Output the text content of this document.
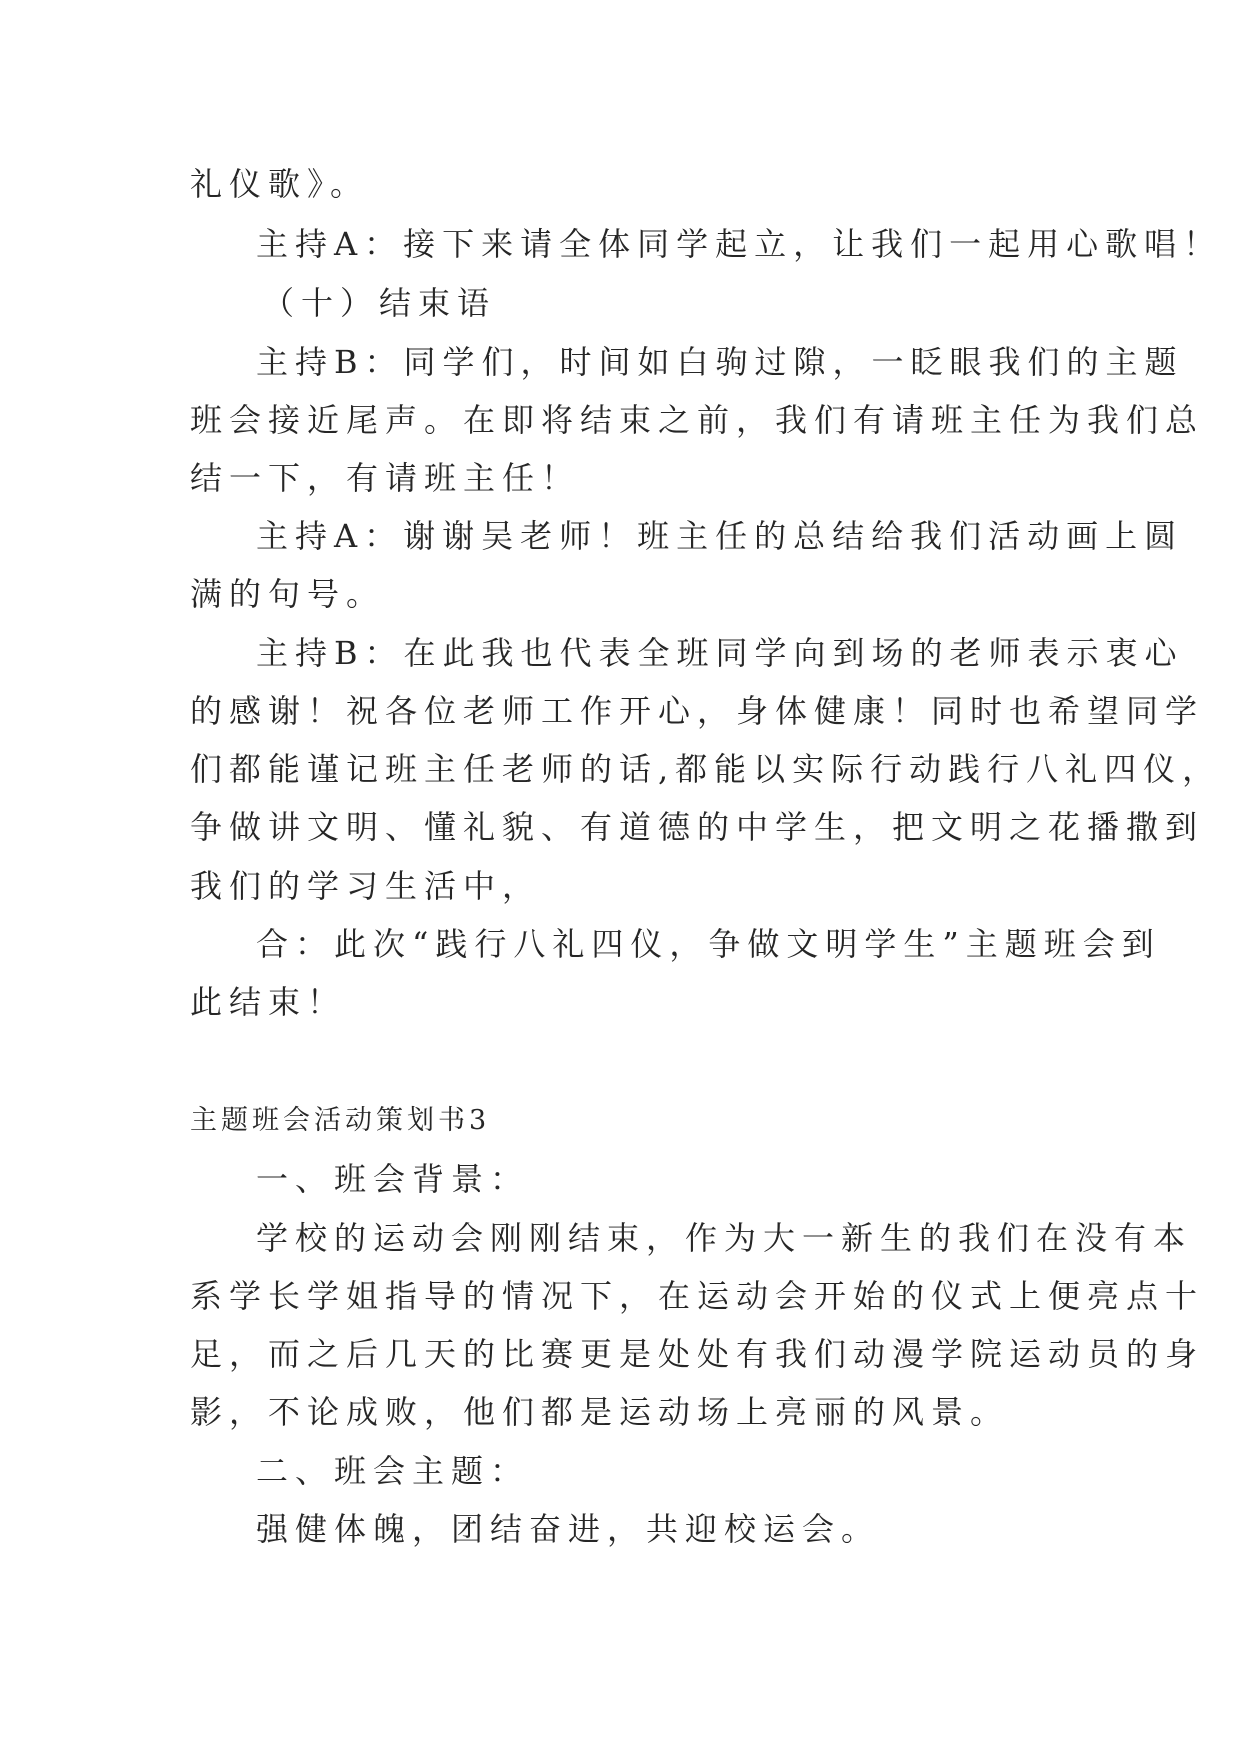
礼仪歌》。
主持A：接下来请全体同学起立，让我们一起用心歌唱！
（十）结束语
主持B：同学们，时间如白驹过隙，一眨眼我们的主题
班会接近尾声。在即将结束之前，我们有请班主任为我们总
结一下，有请班主任！
主持A：谢谢吴老师！班主任的总结给我们活动画上圆
满的句号。
主持B：在此我也代表全班同学向到场的老师表示衷心
的感谢！祝各位老师工作开心，身体健康！同时也希望同学
们都能谨记班主任老师的话,都能以实际行动践行八礼四仪，
争做讲文明、懂礼貌、有道德的中学生，把文明之花播撒到
我们的学习生活中，
合：此次“践行八礼四仪，争做文明学生”主题班会到
此结束！
主题班会活动策划书3
一、班会背景：
学校的运动会刚刚结束，作为大一新生的我们在没有本
系学长学姐指导的情况下，在运动会开始的仪式上便亮点十
足，而之后几天的比赛更是处处有我们动漫学院运动员的身
影，不论成败，他们都是运动场上亮丽的风景。
二、班会主题：
强健体魄，团结奋进，共迎校运会。
